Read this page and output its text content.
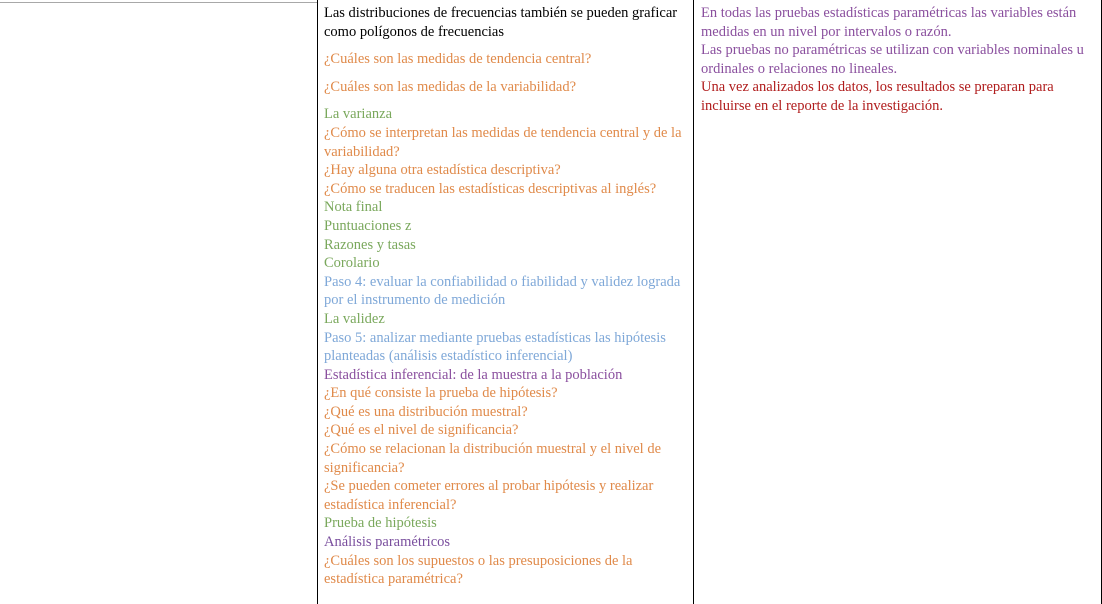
Las distribuciones de frecuencias también se pueden graficar como polígonos de frecuencias

¿Cuáles son las medidas de tendencia central?

¿Cuáles son las medidas de la variabilidad?

La varianza

¿Cómo se interpretan las medidas de tendencia central y de la variabilidad?

¿Hay alguna otra estadística descriptiva?

¿Cómo se traducen las estadísticas descriptivas al inglés?

Nota final

Puntuaciones z

Razones y tasas

Corolario

Paso 4: evaluar la confiabilidad o fiabilidad y validez lograda por el instrumento de medición

La validez

Paso 5: analizar mediante pruebas estadísticas las hipótesis planteadas (análisis estadístico inferencial)

Estadística inferencial: de la muestra a la población

¿En qué consiste la prueba de hipótesis?

¿Qué es una distribución muestral?

¿Qué es el nivel de significancia?

¿Cómo se relacionan la distribución muestral y el nivel de significancia?

¿Se pueden cometer errores al probar hipótesis y realizar estadística inferencial?

Prueba de hipótesis

Análisis paramétricos

¿Cuáles son los supuestos o las presuposiciones de la estadística paramétrica?

En todas las pruebas estadísticas paramétricas las variables están medidas en un nivel por intervalos o razón.

Las pruebas no paramétricas se utilizan con variables nominales u ordinales o relaciones no lineales.

Una vez analizados los datos, los resultados se preparan para incluirse en el reporte de la investigación.
